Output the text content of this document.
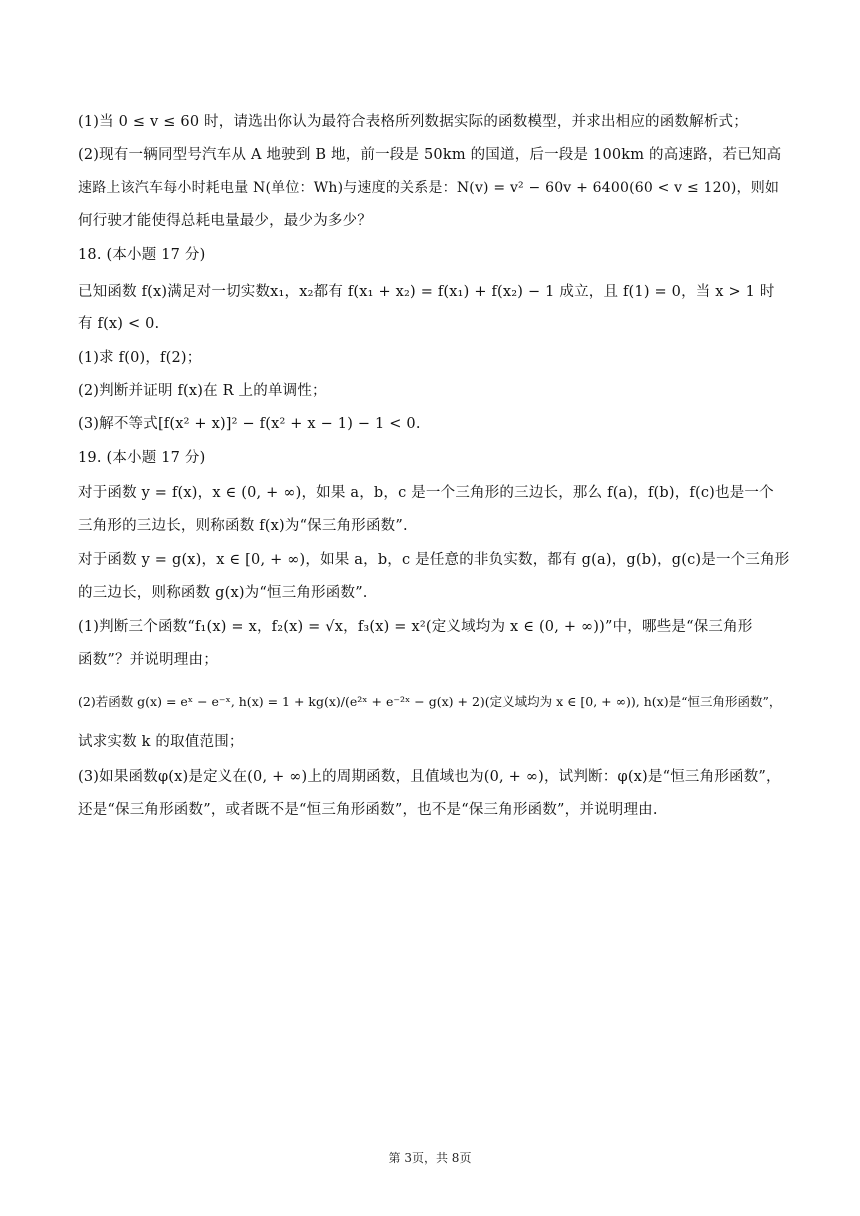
(1)当 0 ≤ v ≤ 60 时，请选出你认为最符合表格所列数据实际的函数模型，并求出相应的函数解析式；
(2)现有一辆同型号汽车从 A 地驶到 B 地，前一段是 50km 的国道，后一段是 100km 的高速路，若已知高
速路上该汽车每小时耗电量 N(单位：Wh)与速度的关系是：N(v) = v² − 60v + 6400(60 < v ≤ 120)，则如
何行驶才能使得总耗电量最少，最少为多少？
18. (本小题 17 分)
已知函数 f(x)满足对一切实数x₁，x₂都有 f(x₁ + x₂) = f(x₁) + f(x₂) − 1 成立，且 f(1) = 0，当 x > 1 时
有 f(x) < 0.
(1)求 f(0)，f(2)；
(2)判断并证明 f(x)在 R 上的单调性；
(3)解不等式[f(x² + x)]² − f(x² + x − 1) − 1 < 0.
19. (本小题 17 分)
对于函数 y = f(x)，x ∈ (0, + ∞)，如果 a，b，c 是一个三角形的三边长，那么 f(a)，f(b)，f(c)也是一个
三角形的三边长，则称函数 f(x)为“保三角形函数”.
对于函数 y = g(x)，x ∈ [0, + ∞)，如果 a，b，c 是任意的非负实数，都有 g(a)，g(b)，g(c)是一个三角形
的三边长，则称函数 g(x)为“恒三角形函数”.
(1)判断三个函数“f₁(x) = x，f₂(x) = √x，f₃(x) = x²(定义域均为 x ∈ (0, + ∞))”中，哪些是“保三角形
函数”？并说明理由；
(2)若函数 g(x) = eˣ − e⁻ˣ, h(x) = 1 + kg(x)/(e²ˣ + e⁻²ˣ − g(x) + 2)(定义域均为 x ∈ [0, + ∞)), h(x)是“恒三角形函数”，
试求实数 k 的取值范围；
(3)如果函数φ(x)是定义在(0, + ∞)上的周期函数，且值域也为(0, + ∞)，试判断：φ(x)是“恒三角形函数”，
还是“保三角形函数”，或者既不是“恒三角形函数”，也不是“保三角形函数”，并说明理由.
第 3页，共 8页
